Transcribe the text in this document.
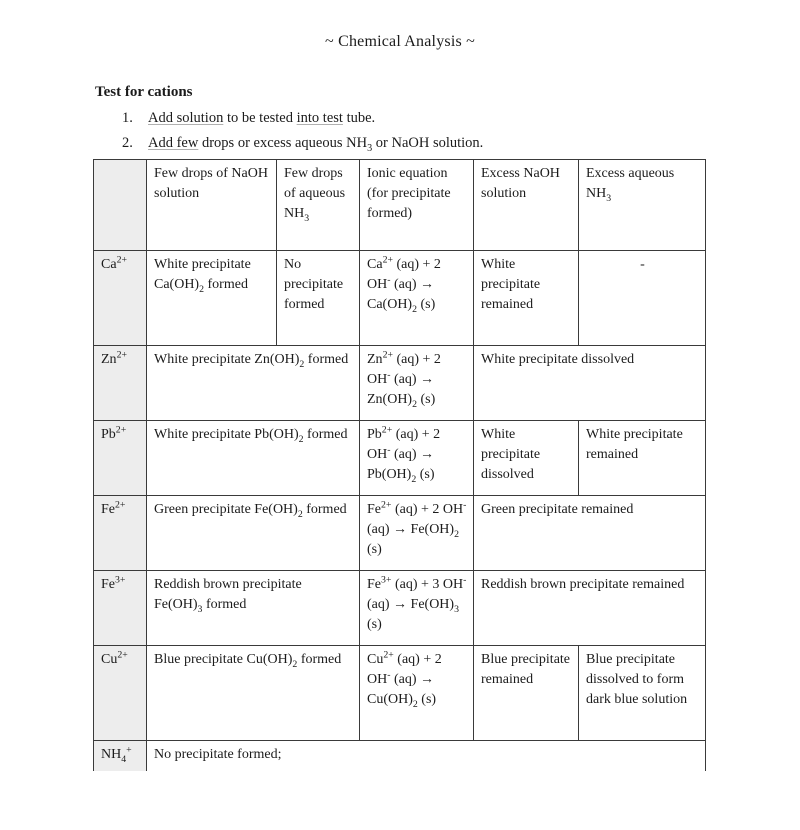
~ Chemical Analysis ~
Test for cations
1. Add solution to be tested into test tube.
2. Add few drops or excess aqueous $NH_3$ or NaOH solution.
	Few drops of NaOH solution	Few drops of aqueous $NH_3$	Ionic equation (for precipitate formed)	Excess NaOH solution	Excess aqueous $NH_3$
$Ca^{2+}$	White precipitate $Ca(OH)_2$ formed	No precipitate formed	$Ca^{2+}$ (aq) + 2 OH- $(aq) \to Ca(OH)_2$ (s)	White precipitate remained	-
$Zn^{2+}$	White precipitate $Zn(OH)_2$ formed		$Zn^{2+}$ (aq) + 2 OH- $(aq) \to Zn(OH)_2$ (s)	White precipitate dissolved	
$Pb^{2+}$	White precipitate $Pb(OH)_2$ formed		$Pb^{2+}$ (aq) + 2 OH- $(aq) \to Pb(OH)_2$ (s)	White precipitate dissolved	White precipitate remained
$Fe^{2+}$	Green precipitate $Fe(OH)_2$ formed		$Fe^{2+}$ (aq) + 2 OH- $(aq) \to Fe(OH)_2$ (s)	Green precipitate remained	
$Fe^{3+}$	Reddish brown precipitate $Fe(OH)_3$ formed		$Fe^{3+}$ (aq) + 3 OH- $(aq) \to Fe(OH)_3$ (s)	Reddish brown precipitate remained	
$Cu^{2+}$	Blue precipitate $Cu(OH)_2$ formed		$Cu^{2+}$ (aq) + 2 OH- $(aq) \to Cu(OH)_2$ (s)	Blue precipitate remained	Blue precipitate dissolved to form dark blue solution
$NH_4^+$	No precipitate formed;				
